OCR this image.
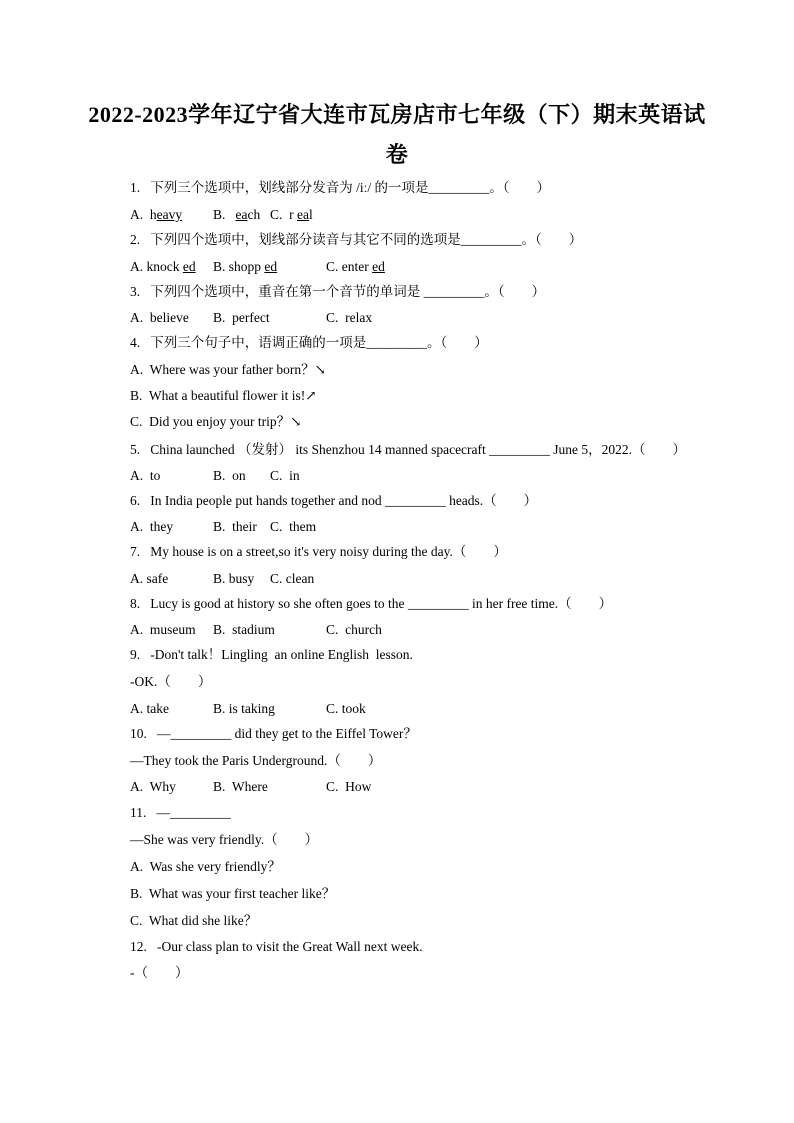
2022-2023学年辽宁省大连市瓦房店市七年级（下）期末英语试
卷
1.   下列三个选项中，划线部分发音为 /iː/ 的一项是_________。（        ）
A.  heavy B.   each C.  r eal
2.   下列四个选项中，划线部分读音与其它不同的选项是_________。（        ）
A. knock ed B. shopp ed	C. enter ed
3.   下列四个选项中，重音在第一个音节的单词是 _________。（        ）
A.  believe B.  perfect	C.  relax
4.   下列三个句子中，语调正确的一项是_________。（        ）
A.  Where was your father born？↘
B.  What a beautiful flower it is!↗
C.  Did you enjoy your trip？↘
5.   China launched （发射） its Shenzhou 14 manned spacecraft _________ June 5，2022.（        ）
A.  to	B.  on C.  in
6.   In India people put hands together and nod _________ heads.（        ）
A.  they	B.  their C.  them
7.   My house is on a street,so it's very noisy during the day.（        ）
A. safe	B. busy C. clean
8.   Lucy is good at history so she often goes to the _________ in her free time.（        ）
A.  museum B.  stadium	C.  church
9.   -Don't talk！Lingling  an online English  lesson.
-OK.（        ）
A. take	B. is taking	C. took
10.   —_________ did they get to the Eiffel Tower？
—They took the Paris Underground.（        ）
A.  Why	B.  Where	C.  How
11.   —_________
—She was very friendly.（        ）
A.  Was she very friendly？
B.  What was your first teacher like？
C.  What did she like？
12.   -Our class plan to visit the Great Wall next week.
-（        ）
